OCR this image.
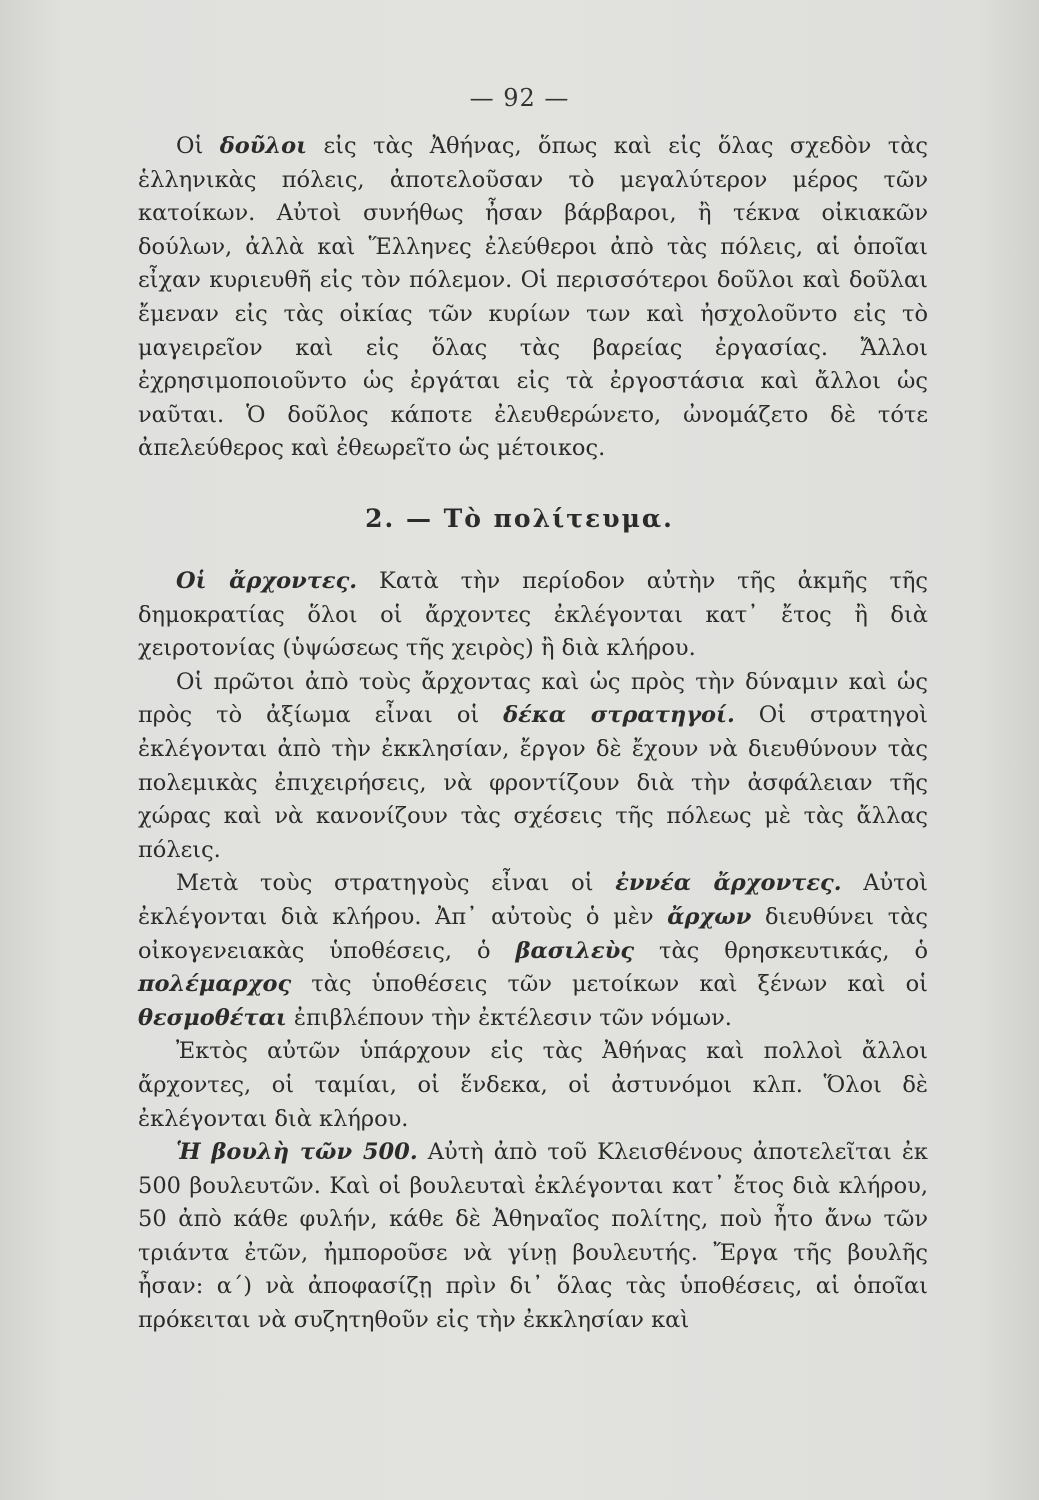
— 92 —

Οἱ δοῦλοι εἰς τὰς Ἀθήνας, ὅπως καὶ εἰς ὅλας σχεδὸν τὰς ἑλληνικὰς πόλεις, ἀποτελοῦσαν τὸ μεγαλύτερον μέρος τῶν κατοίκων. Αὐτοὶ συνήθως ἦσαν βάρβαροι, ἢ τέκνα οἰκιακῶν δούλων, ἀλλὰ καὶ Ἕλληνες ἐλεύθεροι ἀπὸ τὰς πόλεις, αἱ ὁποῖαι εἶχαν κυριευθῆ εἰς τὸν πόλεμον. Οἱ περισσότεροι δοῦλοι καὶ δοῦλαι ἔμεναν εἰς τὰς οἰκίας τῶν κυρίων των καὶ ἠσχολοῦντο εἰς τὸ μαγειρεῖον καὶ εἰς ὅλας τὰς βαρείας ἐργασίας. Ἄλλοι ἐχρησιμοποιοῦντο ὡς ἐργάται εἰς τὰ ἐργοστάσια καὶ ἄλλοι ὡς ναῦται. Ὁ δοῦλος κάποτε ἐλευθερώνετο, ὠνομάζετο δὲ τότε ἀπελεύθερος καὶ ἐθεωρεῖτο ὡς μέτοικος.

2. — Τὸ πολίτευμα.

Οἱ ἄρχοντες. Κατὰ τὴν περίοδον αὐτὴν τῆς ἀκμῆς τῆς δημοκρατίας ὅλοι οἱ ἄρχοντες ἐκλέγονται κατ᾽ ἔτος ἢ διὰ χειροτονίας (ὑψώσεως τῆς χειρὸς) ἢ διὰ κλήρου.

Οἱ πρῶτοι ἀπὸ τοὺς ἄρχοντας καὶ ὡς πρὸς τὴν δύναμιν καὶ ὡς πρὸς τὸ ἀξίωμα εἶναι οἱ δέκα στρατηγοί. Οἱ στρατηγοὶ ἐκλέγονται ἀπὸ τὴν ἐκκλησίαν, ἔργον δὲ ἔχουν νὰ διευθύνουν τὰς πολεμικὰς ἐπιχειρήσεις, νὰ φροντίζουν διὰ τὴν ἀσφάλειαν τῆς χώρας καὶ νὰ κανονίζουν τὰς σχέσεις τῆς πόλεως μὲ τὰς ἄλλας πόλεις.

Μετὰ τοὺς στρατηγοὺς εἶναι οἱ ἐννέα ἄρχοντες. Αὐτοὶ ἐκλέγονται διὰ κλήρου. Ἀπ᾽ αὐτοὺς ὁ μὲν ἄρχων διευθύνει τὰς οἰκογενειακὰς ὑποθέσεις, ὁ βασιλεὺς τὰς θρησκευτικάς, ὁ πολέμαρχος τὰς ὑποθέσεις τῶν μετοίκων καὶ ξένων καὶ οἱ θεσμοθέται ἐπιβλέπουν τὴν ἐκτέλεσιν τῶν νόμων.

Ἐκτὸς αὐτῶν ὑπάρχουν εἰς τὰς Ἀθήνας καὶ πολλοὶ ἄλλοι ἄρχοντες, οἱ ταμίαι, οἱ ἕνδεκα, οἱ ἀστυνόμοι κλπ. Ὅλοι δὲ ἐκλέγονται διὰ κλήρου.

Ἡ βουλὴ τῶν 500. Αὐτὴ ἀπὸ τοῦ Κλεισθένους ἀποτελεῖται ἐκ 500 βουλευτῶν. Καὶ οἱ βουλευταὶ ἐκλέγονται κατ᾽ ἔτος διὰ κλήρου, 50 ἀπὸ κάθε φυλήν, κάθε δὲ Ἀθηναῖος πολίτης, ποὺ ἦτο ἄνω τῶν τριάντα ἐτῶν, ἠμποροῦσε νὰ γίνῃ βουλευτής. Ἔργα τῆς βουλῆς ἦσαν: α΄) νὰ ἀποφασίζῃ πρὶν δι᾽ ὅλας τὰς ὑποθέσεις, αἱ ὁποῖαι πρόκειται νὰ συζητηθοῦν εἰς τὴν ἐκκλησίαν καὶ
